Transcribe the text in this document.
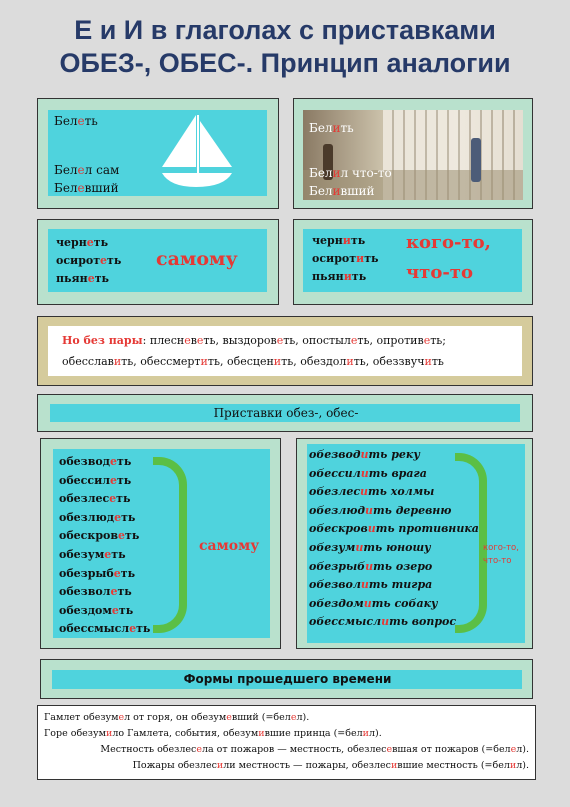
Е и И в глаголах с приставками
ОБЕЗ-, ОБЕС-. Принцип аналогии
Белеть
Белел сам
Белевший
Белить
Белил что-то
Беливший
чернеть
осиротеть
пьянеть
самому
чернить
осиротить
пьянить
кого-то,
что-то
Но без пары: плесневеть, выздороветь, опостылеть, опротиветь;
обесславить, обессмертить, обесценить, обездолить, обеззвучить
Приставки обез-, обес-
обезводеть
обессилеть
обезлесеть
обезлюдеть
обескроветь
обезуметь
обезрыбеть
обезволеть
обездометь
обессмыслеть
самому
обезводить реку
обессилить врага
обезлесить холмы
обезлюдить деревню
обескровить противника
обезумить юношу
обезрыбить озеро
обезволить тигра
обездомить собаку
обессмыслить вопрос
кого-то,
что-то
Формы прошедшего времени
Гамлет обезумел от горя, он обезумевший (=белел).
Горе обезумило Гамлета, события, обезумившие принца (=белил).
Местность обезлесела от пожаров — местность, обезлесевшая от пожаров (=белел).
Пожары обезлесили местность — пожары, обезлесившие местность (=белил).
